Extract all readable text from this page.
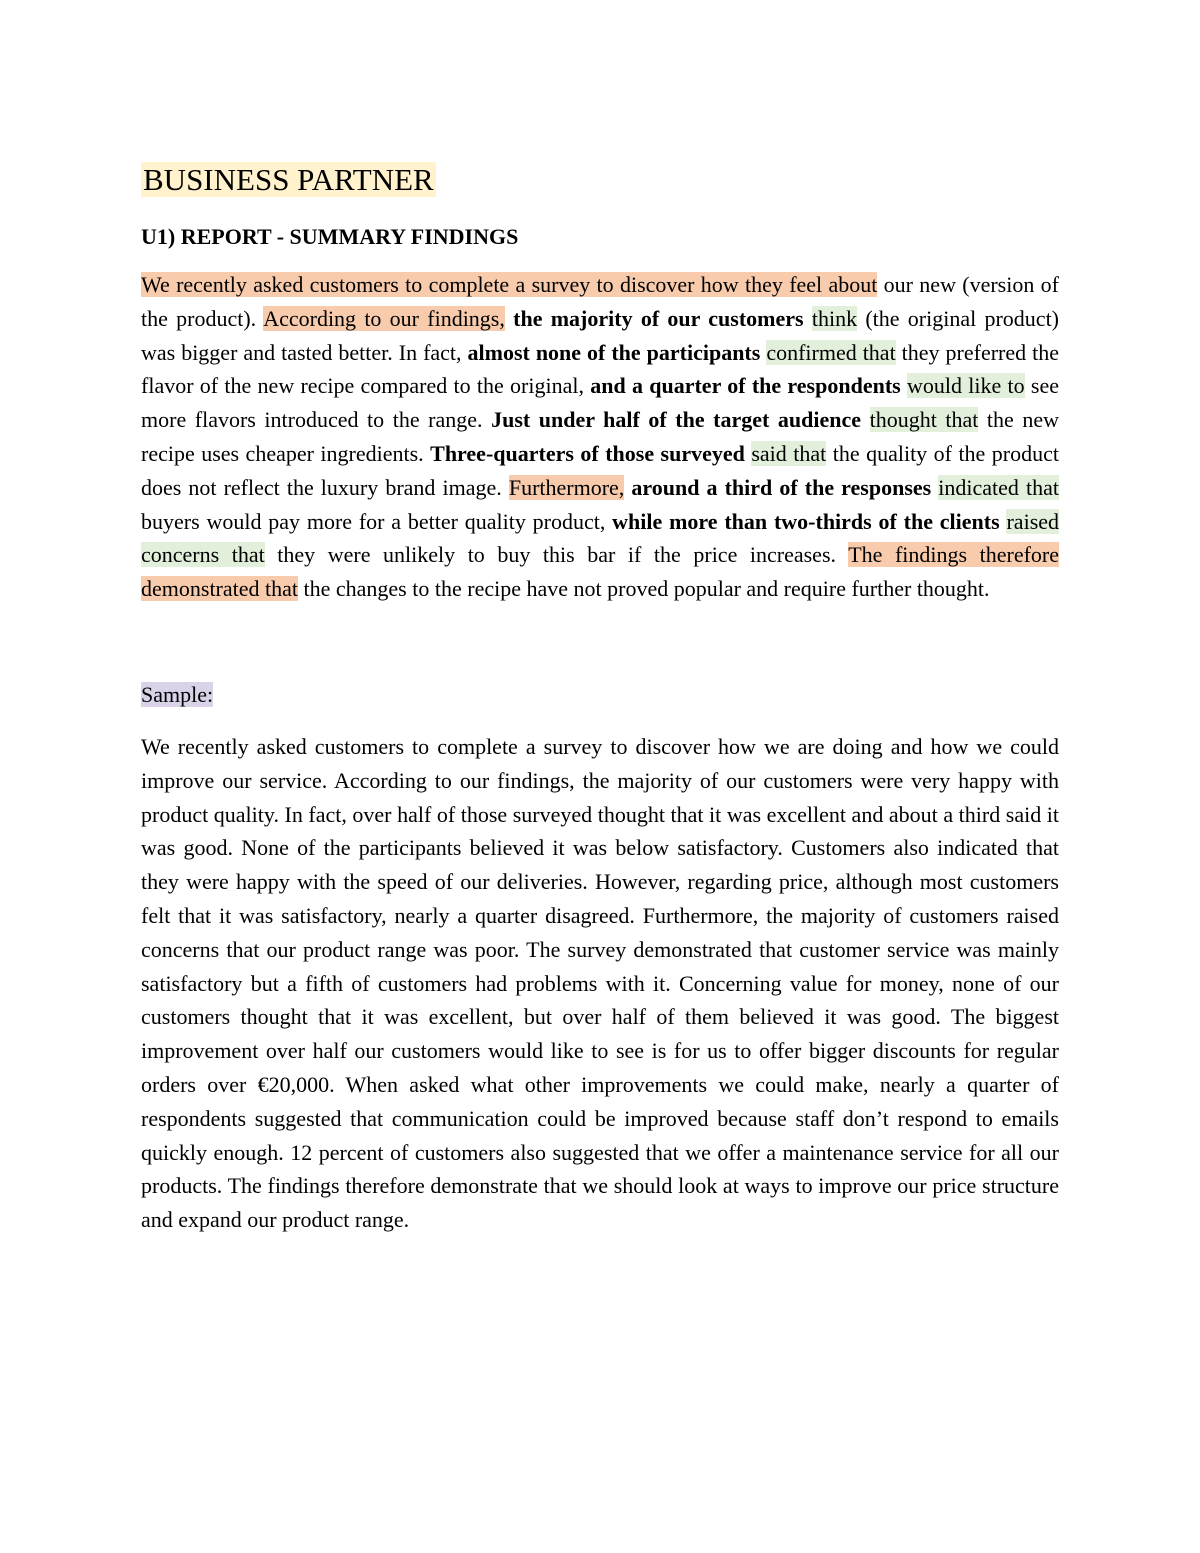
BUSINESS PARTNER
U1) REPORT - SUMMARY FINDINGS

We recently asked customers to complete a survey to discover how they feel about our new (version of the product). According to our findings, the majority of our customers think (the original product) was bigger and tasted better. In fact, almost none of the participants confirmed that they preferred the flavor of the new recipe compared to the original, and a quarter of the respondents would like to see more flavors introduced to the range. Just under half of the target audience thought that the new recipe uses cheaper ingredients. Three-quarters of those surveyed said that the quality of the product does not reflect the luxury brand image. Furthermore, around a third of the responses indicated that buyers would pay more for a better quality product, while more than two-thirds of the clients raised concerns that they were unlikely to buy this bar if the price increases. The findings therefore demonstrated that the changes to the recipe have not proved popular and require further thought.

Sample:

We recently asked customers to complete a survey to discover how we are doing and how we could improve our service. According to our findings, the majority of our customers were very happy with product quality. In fact, over half of those surveyed thought that it was excellent and about a third said it was good. None of the participants believed it was below satisfactory. Customers also indicated that they were happy with the speed of our deliveries. However, regarding price, although most customers felt that it was satisfactory, nearly a quarter disagreed. Furthermore, the majority of customers raised concerns that our product range was poor. The survey demonstrated that customer service was mainly satisfactory but a fifth of customers had problems with it. Concerning value for money, none of our customers thought that it was excellent, but over half of them believed it was good. The biggest improvement over half our customers would like to see is for us to offer bigger discounts for regular orders over €20,000. When asked what other improvements we could make, nearly a quarter of respondents suggested that communication could be improved because staff don’t respond to emails quickly enough. 12 percent of customers also suggested that we offer a maintenance service for all our products. The findings therefore demonstrate that we should look at ways to improve our price structure and expand our product range.
